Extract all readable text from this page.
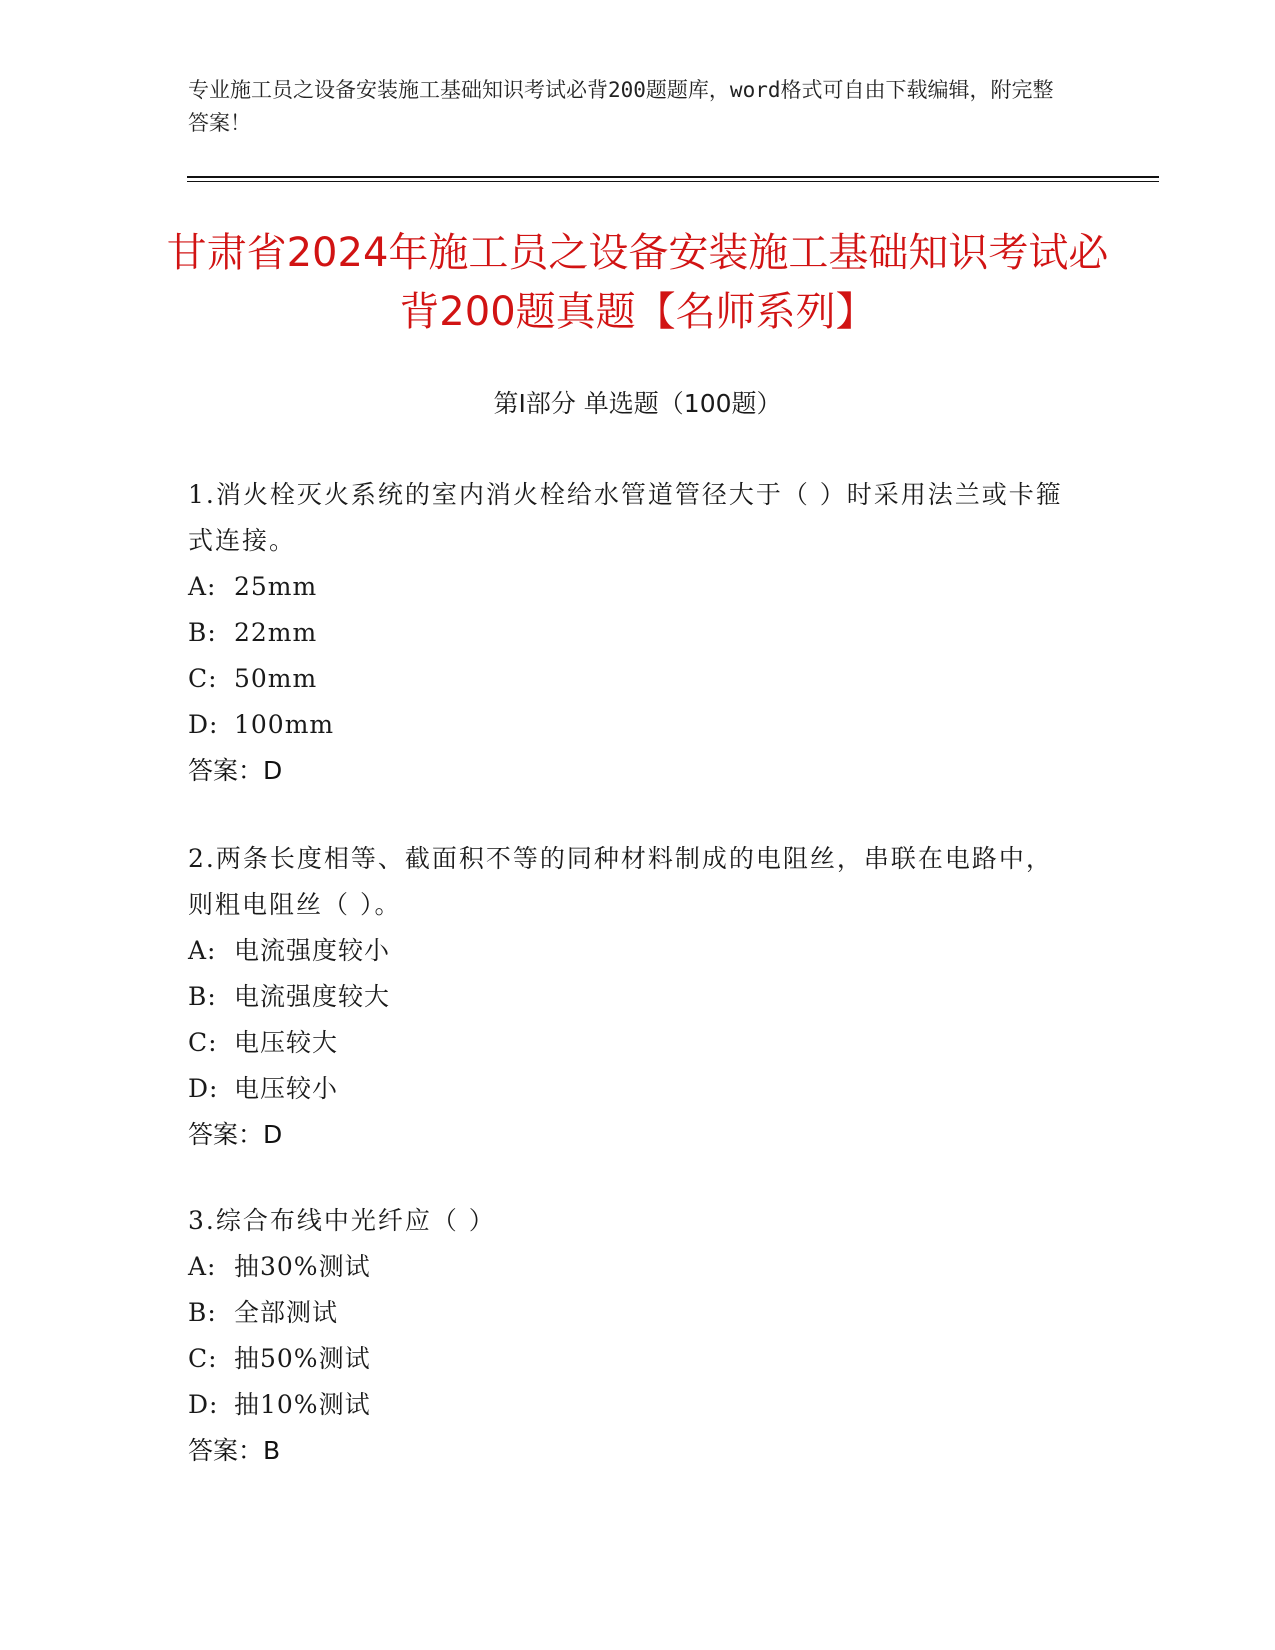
专业施工员之设备安装施工基础知识考试必背200题题库，word格式可自由下载编辑，附完整答案！
甘肃省2024年施工员之设备安装施工基础知识考试必背200题真题【名师系列】
第I部分 单选题（100题）
1.消火栓灭火系统的室内消火栓给水管道管径大于（ ）时采用法兰或卡箍式连接。
A: 25mm
B: 22mm
C: 50mm
D: 100mm
答案：D
2.两条长度相等、截面积不等的同种材料制成的电阻丝，串联在电路中，则粗电阻丝（ ）。
A: 电流强度较小
B: 电流强度较大
C: 电压较大
D: 电压较小
答案：D
3.综合布线中光纤应（ ）
A: 抽30%测试
B: 全部测试
C: 抽50%测试
D: 抽10%测试
答案：B
